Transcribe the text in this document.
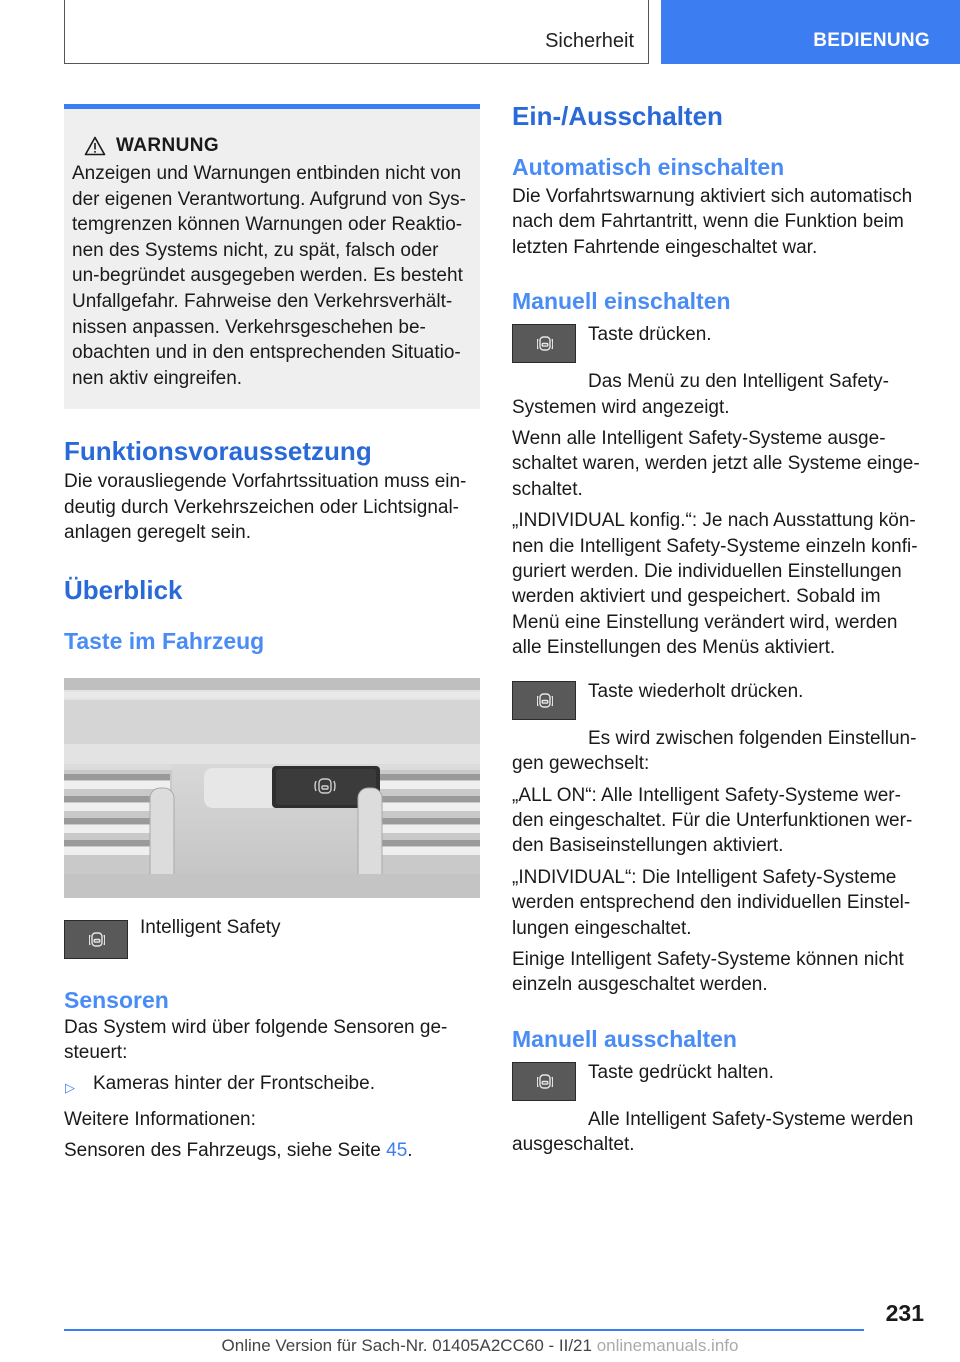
Sicherheit	BEDIENUNG
WARNUNG
Anzeigen und Warnungen entbinden nicht von der eigenen Verantwortung. Aufgrund von Sys-temgrenzen können Warnungen oder Reaktio-nen des Systems nicht, zu spät, falsch oder un-begründet ausgegeben werden. Es besteht Unfallgefahr. Fahrweise den Verkehrsverhält-nissen anpassen. Verkehrsgeschehen be-obachten und in den entsprechenden Situatio-nen aktiv eingreifen.
Funktionsvoraussetzung

Die vorausliegende Vorfahrtssituation muss ein-deutig durch Verkehrszeichen oder Lichtsignal-anlagen geregelt sein.

Überblick
Taste im Fahrzeug

Intelligent Safety

Sensoren

Das System wird über folgende Sensoren ge-steuert:

▷ Kameras hinter der Frontscheibe.

Weitere Informationen:

Sensoren des Fahrzeugs, siehe Seite 45.

Ein-/Ausschalten
Automatisch einschalten

Die Vorfahrtswarnung aktiviert sich automatisch nach dem Fahrtantritt, wenn die Funktion beim letzten Fahrtende eingeschaltet war.

Manuell einschalten

Taste drücken.

Das Menü zu den Intelligent Safety-Systemen wird angezeigt.

Wenn alle Intelligent Safety-Systeme ausge-schaltet waren, werden jetzt alle Systeme einge-schaltet.

„INDIVIDUAL konfig.“: Je nach Ausstattung kön-nen die Intelligent Safety-Systeme einzeln konfi-guriert werden. Die individuellen Einstellungen werden aktiviert und gespeichert. Sobald im Menü eine Einstellung verändert wird, werden alle Einstellungen des Menüs aktiviert.

Taste wiederholt drücken.

Es wird zwischen folgenden Einstellun-gen gewechselt:

„ALL ON“: Alle Intelligent Safety-Systeme wer-den eingeschaltet. Für die Unterfunktionen wer-den Basiseinstellungen aktiviert.

„INDIVIDUAL“: Die Intelligent Safety-Systeme werden entsprechend den individuellen Einstel-lungen eingeschaltet.

Einige Intelligent Safety-Systeme können nicht einzeln ausgeschaltet werden.

Manuell ausschalten

Taste gedrückt halten.

Alle Intelligent Safety-Systeme werden ausgeschaltet.

231
Online Version für Sach-Nr. 01405A2CC60 - II/21 onlinemanuals.info
